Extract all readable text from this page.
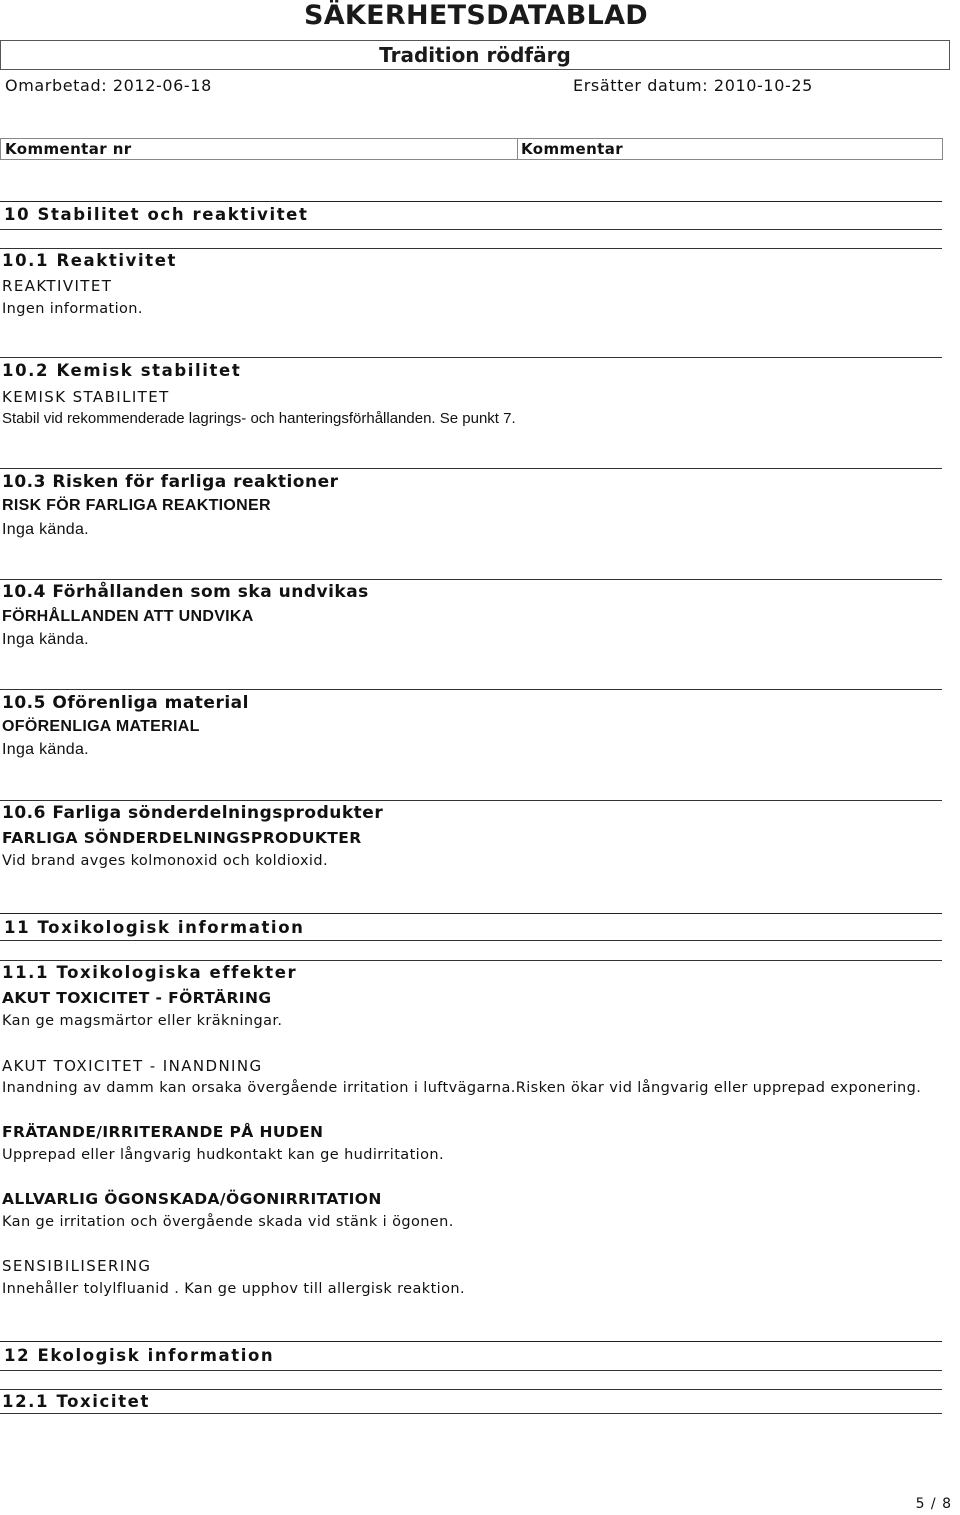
SÄKERHETSDATABLAD
Tradition rödfärg
Omarbetad: 2012-06-18	Ersätter datum: 2010-10-25
Kommentar nr	Kommentar
10 Stabilitet och reaktivitet
10.1 Reaktivitet
REAKTIVITET
Ingen information.
10.2 Kemisk stabilitet
KEMISK STABILITET
Stabil vid rekommenderade lagrings- och hanteringsförhållanden. Se punkt 7.
10.3 Risken för farliga reaktioner
RISK FÖR FARLIGA REAKTIONER
Inga kända.
10.4 Förhållanden som ska undvikas
FÖRHÅLLANDEN ATT UNDVIKA
Inga kända.
10.5 Oförenliga material
OFÖRENLIGA MATERIAL
Inga kända.
10.6 Farliga sönderdelningsprodukter
FARLIGA SÖNDERDELNINGSPRODUKTER
Vid brand avges kolmonoxid och koldioxid.
11 Toxikologisk information
11.1 Toxikologiska effekter
AKUT TOXICITET - FÖRTÄRING
Kan ge magsmärtor eller kräkningar.
AKUT TOXICITET - INANDNING
Inandning av damm kan orsaka övergående irritation i luftvägarna.Risken ökar vid långvarig eller upprepad exponering.
FRÄTANDE/IRRITERANDE PÅ HUDEN
Upprepad eller långvarig hudkontakt kan ge hudirritation.
ALLVARLIG ÖGONSKADA/ÖGONIRRITATION
Kan ge irritation och övergående skada vid stänk i ögonen.
SENSIBILISERING
Innehåller tolylfluanid . Kan ge upphov till allergisk reaktion.
12 Ekologisk information
12.1 Toxicitet
5 / 8
